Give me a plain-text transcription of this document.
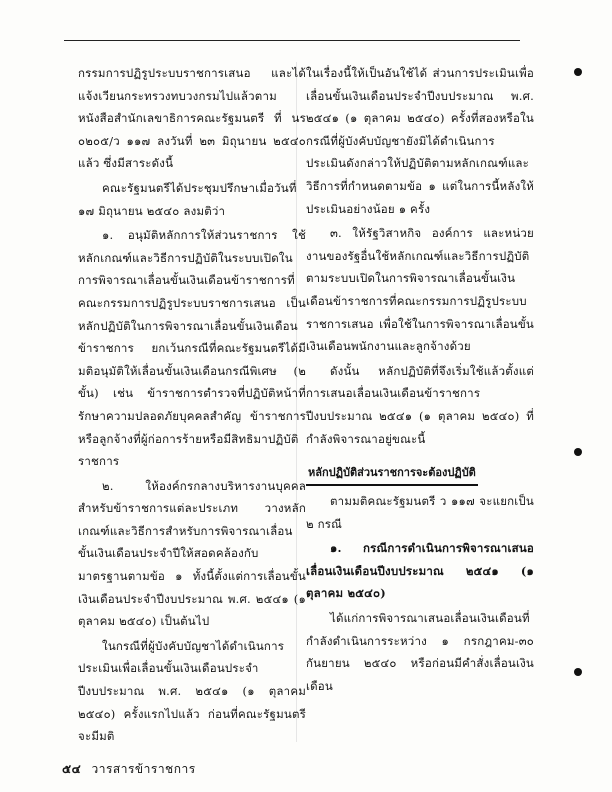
กรรมการปฏิรูประบบราชการเสนอ และได้แจ้งเวียนกระทรวงทบวงกรมไปแล้วตามหนังสือสำนักเลขาธิการคณะรัฐมนตรี ที่ นร ๐๒๐๕/ว ๑๑๗ ลงวันที่ ๒๓ มิถุนายน ๒๕๔๐ แล้ว ซึ่งมีสาระดังนี้

คณะรัฐมนตรีได้ประชุมปรึกษาเมื่อวันที่ ๑๗ มิถุนายน ๒๕๔๐ ลงมติว่า

๑. อนุมัติหลักการให้ส่วนราชการ ใช้หลักเกณฑ์และวิธีการปฏิบัติในระบบเปิดในการพิจารณาเลื่อนขั้นเงินเดือนข้าราชการที่คณะกรรมการปฏิรูประบบราชการเสนอ เป็นหลักปฏิบัติในการพิจารณาเลื่อนขั้นเงินเดือนข้าราชการ ยกเว้นกรณีที่คณะรัฐมนตรีได้มีมติอนุมัติให้เลื่อนขั้นเงินเดือนกรณีพิเศษ (๒ ขั้น) เช่น ข้าราชการตำรวจที่ปฏิบัติหน้าที่รักษาความปลอดภัยบุคคลสำคัญ ข้าราชการหรือลูกจ้างที่ผู้ก่อการร้ายหรือมีสิทธิมาปฏิบัติราชการ

๒. ให้องค์กรกลางบริหารงานบุคคลสำหรับข้าราชการแต่ละประเภท วางหลักเกณฑ์และวิธีการสำหรับการพิจารณาเลื่อนขั้นเงินเดือนประจำปีให้สอดคล้องกับมาตรฐานตามข้อ ๑ ทั้งนี้ตั้งแต่การเลื่อนขั้นเงินเดือนประจำปีงบประมาณ พ.ศ. ๒๕๔๑ (๑ ตุลาคม ๒๕๔๐) เป็นต้นไป

ในกรณีที่ผู้บังคับบัญชาได้ดำเนินการประเมินเพื่อเลื่อนขั้นเงินเดือนประจำปีงบประมาณ พ.ศ. ๒๕๔๑ (๑ ตุลาคม ๒๕๔๐) ครั้งแรกไปแล้ว ก่อนที่คณะรัฐมนตรีจะมีมติ

ในเรื่องนี้ให้เป็นอันใช้ได้ ส่วนการประเมินเพื่อเลื่อนขั้นเงินเดือนประจำปีงบประมาณ พ.ศ. ๒๕๔๑ (๑ ตุลาคม ๒๕๔๐) ครั้งที่สองหรือในกรณีที่ผู้บังคับบัญชายังมิได้ดำเนินการประเมินดังกล่าวให้ปฏิบัติตามหลักเกณฑ์และวิธีการที่กำหนดตามข้อ ๑ แต่ในการนี้หลังให้ประเมินอย่างน้อย ๑ ครั้ง

๓. ให้รัฐวิสาหกิจ องค์การ และหน่วยงานของรัฐอื่นใช้หลักเกณฑ์และวิธีการปฏิบัติตามระบบเปิดในการพิจารณาเลื่อนขั้นเงินเดือนข้าราชการที่คณะกรรมการปฏิรูประบบราชการเสนอ เพื่อใช้ในการพิจารณาเลื่อนขั้นเงินเดือนพนักงานและลูกจ้างด้วย

ดังนั้น หลักปฏิบัติที่จึงเริ่มใช้แล้วตั้งแต่การเสนอเลื่อนเงินเดือนข้าราชการปีงบประมาณ ๒๕๔๑ (๑ ตุลาคม ๒๕๔๐) ที่กำลังพิจารณาอยู่ขณะนี้

หลักปฏิบัติส่วนราชการจะต้องปฏิบัติ

ตามมติคณะรัฐมนตรี ว ๑๑๗ จะแยกเป็น ๒ กรณี

๑. กรณีการดำเนินการพิจารณาเสนอเลื่อนเงินเดือนปีงบประมาณ ๒๕๔๑ (๑ ตุลาคม ๒๕๔๐)

ได้แก่การพิจารณาเสนอเลื่อนเงินเดือนที่กำลังดำเนินการระหว่าง ๑ กรกฎาคม-๓๐ กันยายน ๒๕๔๐ หรือก่อนมีคำสั่งเลื่อนเงินเดือน

๕๔ วารสารข้าราชการ
